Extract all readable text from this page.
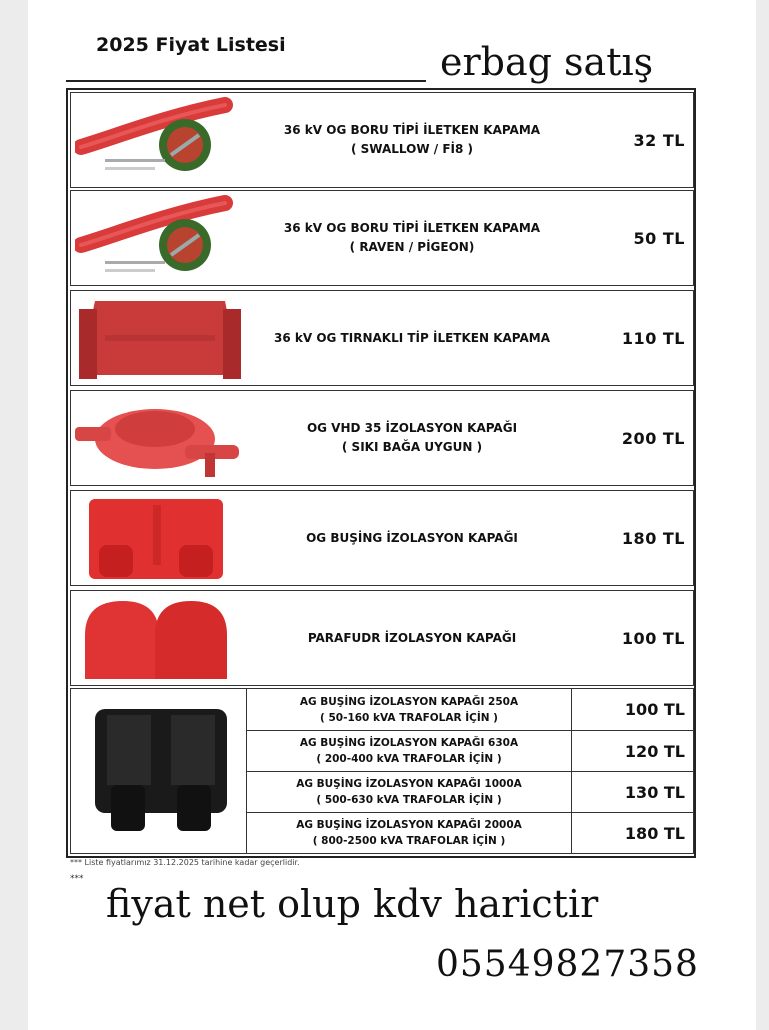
2025 Fiyat Listesi	erbag satış
36 kV OG BORU TİPİ İLETKEN KAPAMA
( SWALLOW / Fİ8 )	32 TL
36 kV OG BORU TİPİ İLETKEN KAPAMA
( RAVEN / PİGEON)	50 TL
36 kV OG TIRNAKLI TİP İLETKEN KAPAMA	110 TL
OG VHD 35 İZOLASYON KAPAĞI
( SIKI BAĞA UYGUN )	200 TL
OG BUŞİNG İZOLASYON KAPAĞI	180 TL
PARAFUDR İZOLASYON KAPAĞI	100 TL
AG BUŞİNG İZOLASYON KAPAĞI 250A
( 50-160 kVA TRAFOLAR İÇİN )	100 TL
AG BUŞİNG İZOLASYON KAPAĞI 630A
( 200-400 kVA TRAFOLAR İÇİN )	120 TL
AG BUŞİNG İZOLASYON KAPAĞI 1000A
( 500-630 kVA TRAFOLAR İÇİN )	130 TL
AG BUŞİNG İZOLASYON KAPAĞI 2000A
( 800-2500 kVA TRAFOLAR İÇİN )	180 TL
*** Liste fiyatlarımız 31.12.2025 tarihine kadar geçerlidir.
***
fiyat net olup kdv harictir
05549827358
